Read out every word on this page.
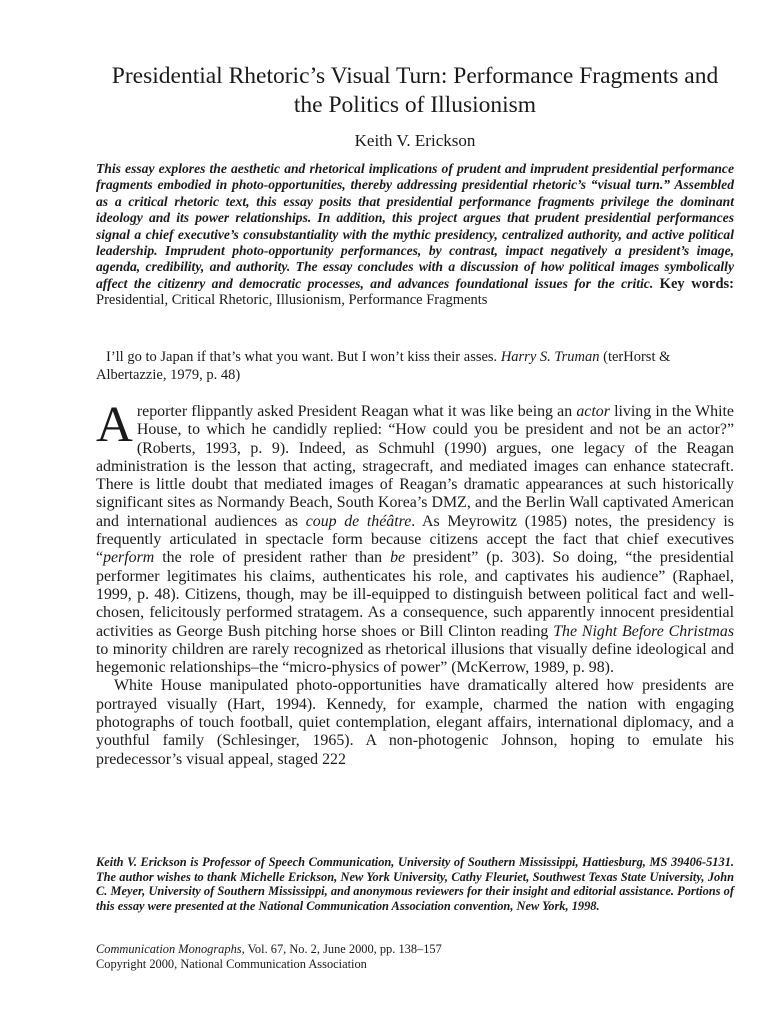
Presidential Rhetoric’s Visual Turn: Performance Fragments and the Politics of Illusionism

Keith V. Erickson

This essay explores the aesthetic and rhetorical implications of prudent and imprudent presidential performance fragments embodied in photo-opportunities, thereby addressing presidential rhetoric’s “visual turn.” Assembled as a critical rhetoric text, this essay posits that presidential performance fragments privilege the dominant ideology and its power relationships. In addition, this project argues that prudent presidential performances signal a chief executive’s consubstantiality with the mythic presidency, centralized authority, and active political leadership. Imprudent photo-opportunity performances, by contrast, impact negatively a president’s image, agenda, credibility, and authority. The essay concludes with a discussion of how political images symbolically affect the citizenry and democratic processes, and advances foundational issues for the critic. Key words: Presidential, Critical Rhetoric, Illusionism, Performance Fragments

I’ll go to Japan if that’s what you want. But I won’t kiss their asses. Harry S. Truman (terHorst & Albertazzie, 1979, p. 48)

A reporter flippantly asked President Reagan what it was like being an actor living in the White House, to which he candidly replied: “How could you be president and not be an actor?” (Roberts, 1993, p. 9). Indeed, as Schmuhl (1990) argues, one legacy of the Reagan administration is the lesson that acting, stragecraft, and mediated images can enhance statecraft. There is little doubt that mediated images of Reagan’s dramatic appearances at such historically significant sites as Normandy Beach, South Korea’s DMZ, and the Berlin Wall captivated American and international audiences as coup de théâtre. As Meyrowitz (1985) notes, the presidency is frequently articulated in spectacle form because citizens accept the fact that chief executives “perform the role of president rather than be president” (p. 303). So doing, “the presidential performer legitimates his claims, authenticates his role, and captivates his audience” (Raphael, 1999, p. 48). Citizens, though, may be ill-equipped to distinguish between political fact and well-chosen, felicitously performed stratagem. As a consequence, such apparently innocent presidential activities as George Bush pitching horse shoes or Bill Clinton reading The Night Before Christmas to minority children are rarely recognized as rhetorical illusions that visually define ideological and hegemonic relationships–the “micro-physics of power” (McKerrow, 1989, p. 98).

White House manipulated photo-opportunities have dramatically altered how presidents are portrayed visually (Hart, 1994). Kennedy, for example, charmed the nation with engaging photographs of touch football, quiet contemplation, elegant affairs, international diplomacy, and a youthful family (Schlesinger, 1965). A non-photogenic Johnson, hoping to emulate his predecessor’s visual appeal, staged 222

Keith V. Erickson is Professor of Speech Communication, University of Southern Mississippi, Hattiesburg, MS 39406-5131. The author wishes to thank Michelle Erickson, New York University, Cathy Fleuriet, Southwest Texas State University, John C. Meyer, University of Southern Mississippi, and anonymous reviewers for their insight and editorial assistance. Portions of this essay were presented at the National Communication Association convention, New York, 1998.

Communication Monographs, Vol. 67, No. 2, June 2000, pp. 138–157
Copyright 2000, National Communication Association
